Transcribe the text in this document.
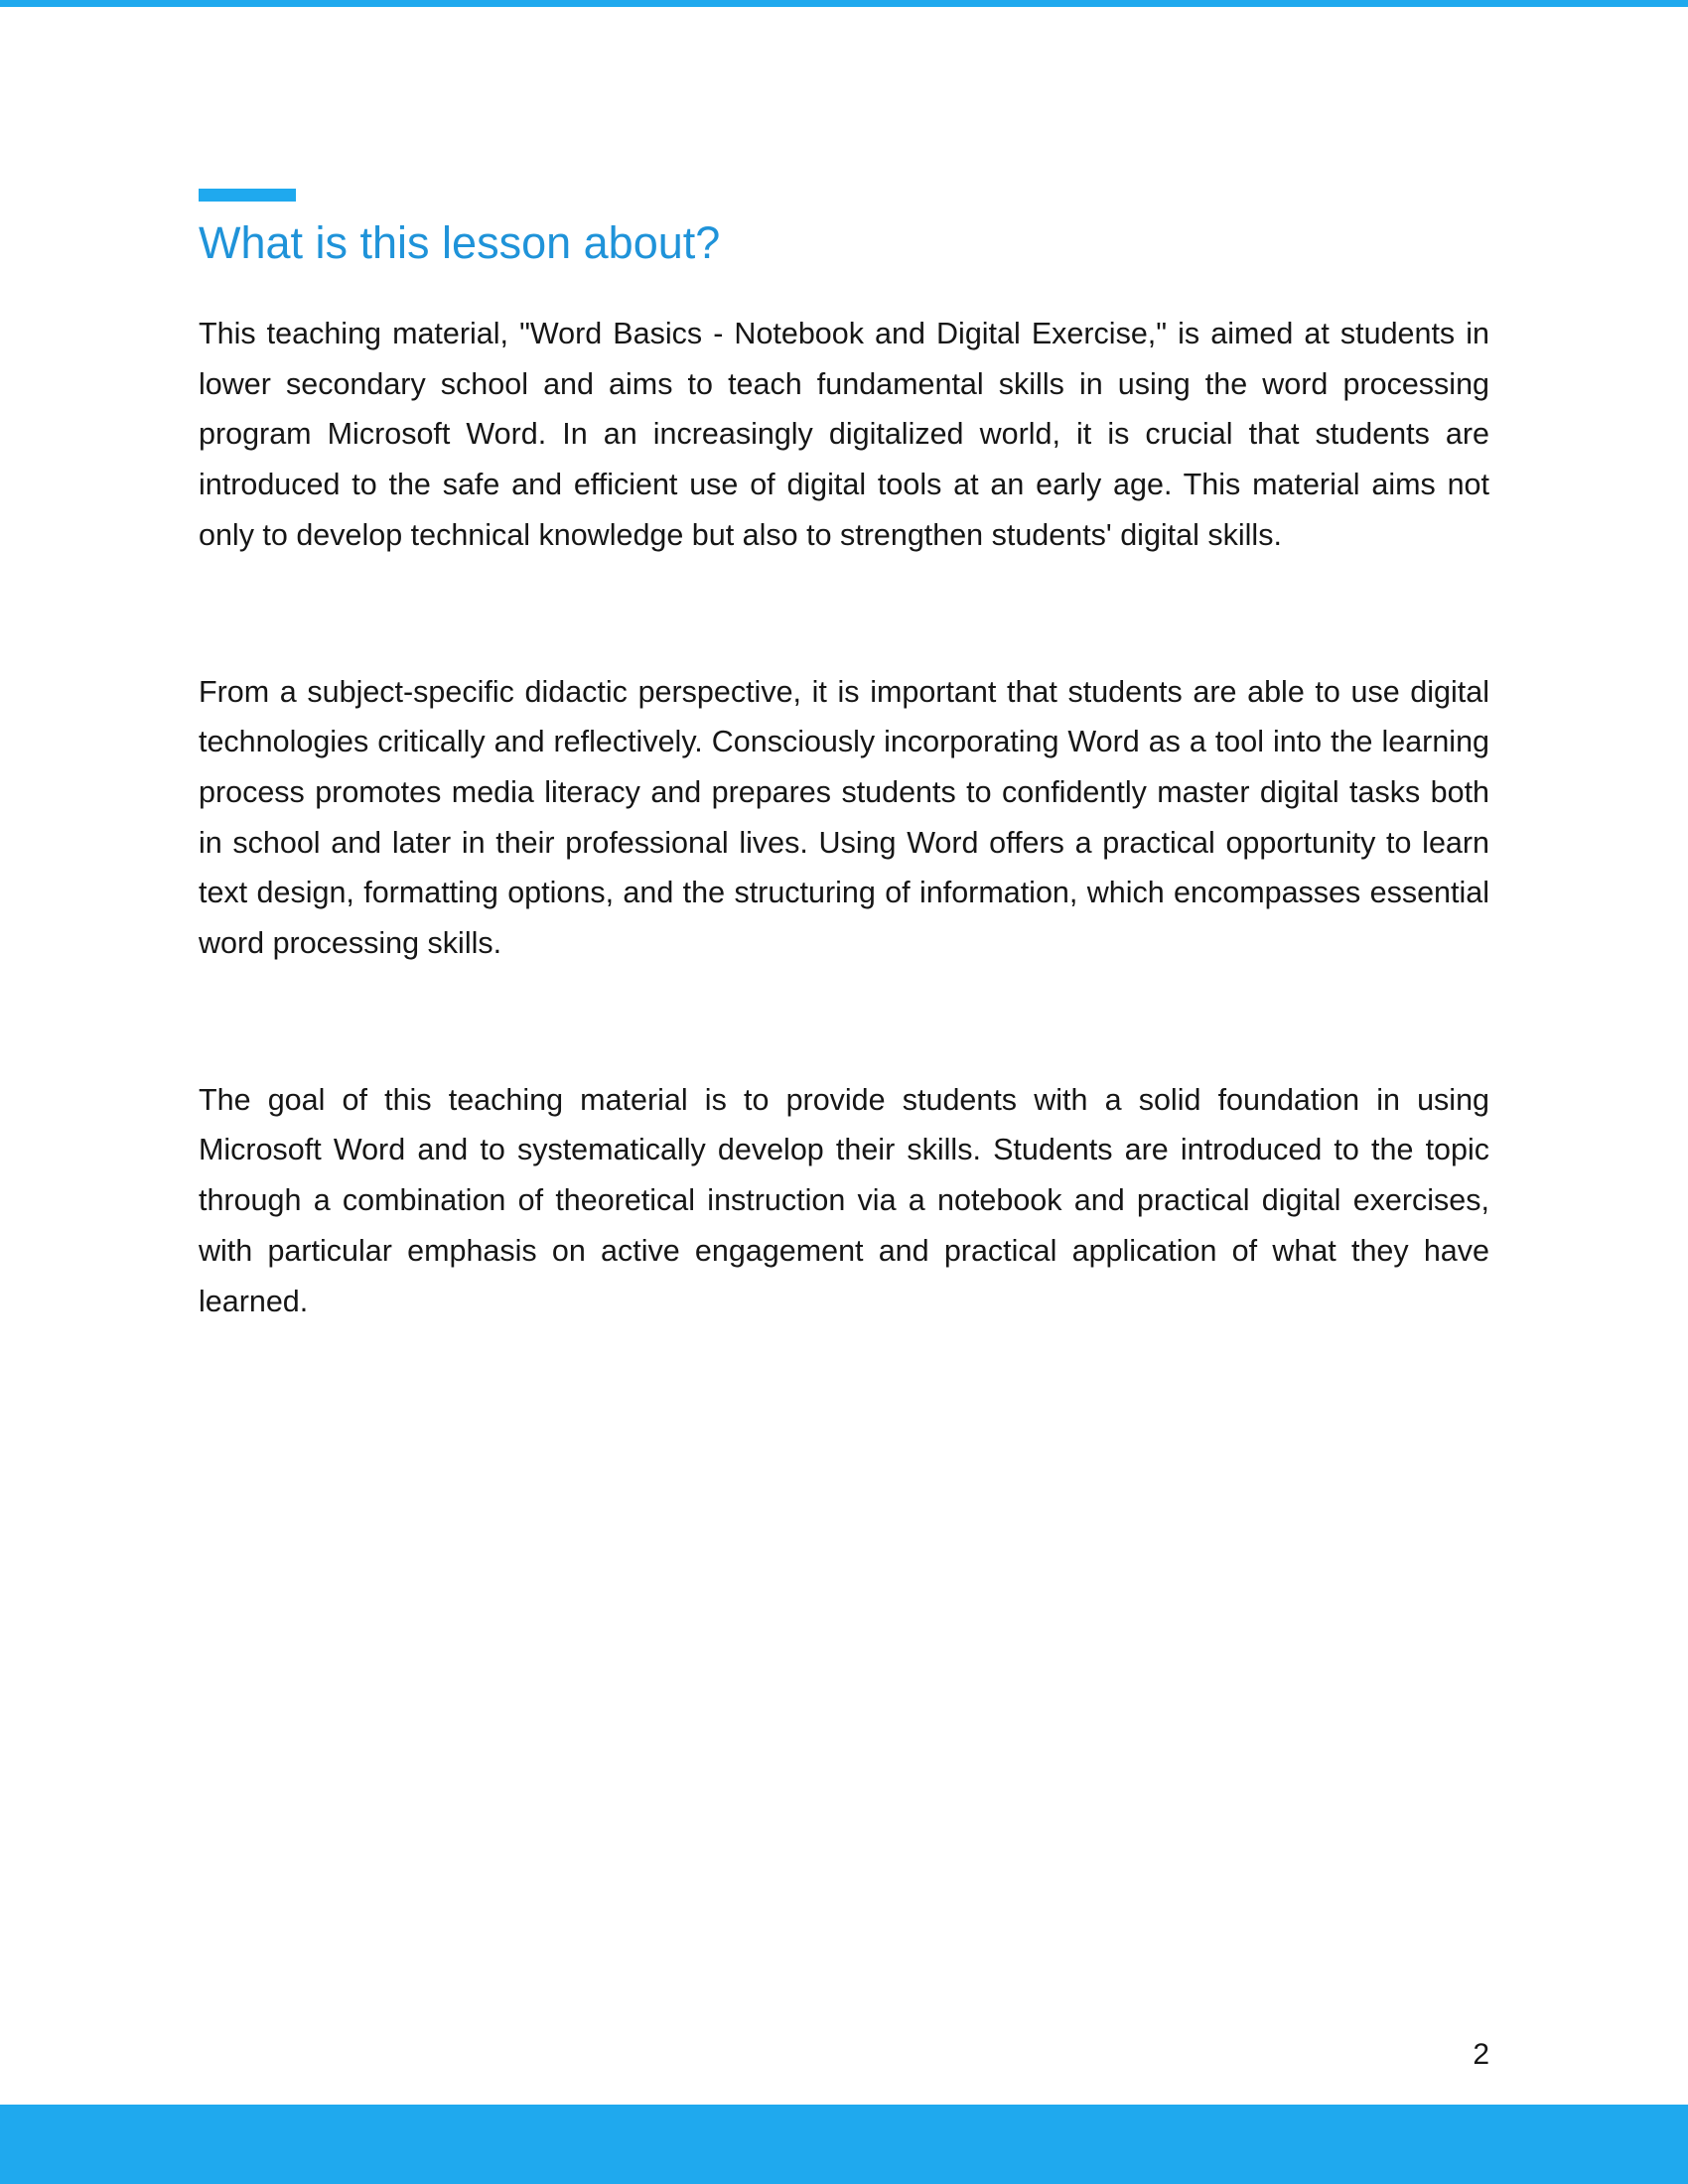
What is this lesson about?

This teaching material, "Word Basics - Notebook and Digital Exercise," is aimed at students in lower secondary school and aims to teach fundamental skills in using the word processing program Microsoft Word. In an increasingly digitalized world, it is crucial that students are introduced to the safe and efficient use of digital tools at an early age. This material aims not only to develop technical knowledge but also to strengthen students' digital skills.

From a subject-specific didactic perspective, it is important that students are able to use digital technologies critically and reflectively. Consciously incorporating Word as a tool into the learning process promotes media literacy and prepares students to confidently master digital tasks both in school and later in their professional lives. Using Word offers a practical opportunity to learn text design, formatting options, and the structuring of information, which encompasses essential word processing skills.

The goal of this teaching material is to provide students with a solid foundation in using Microsoft Word and to systematically develop their skills. Students are introduced to the topic through a combination of theoretical instruction via a notebook and practical digital exercises, with particular emphasis on active engagement and practical application of what they have learned.

2
